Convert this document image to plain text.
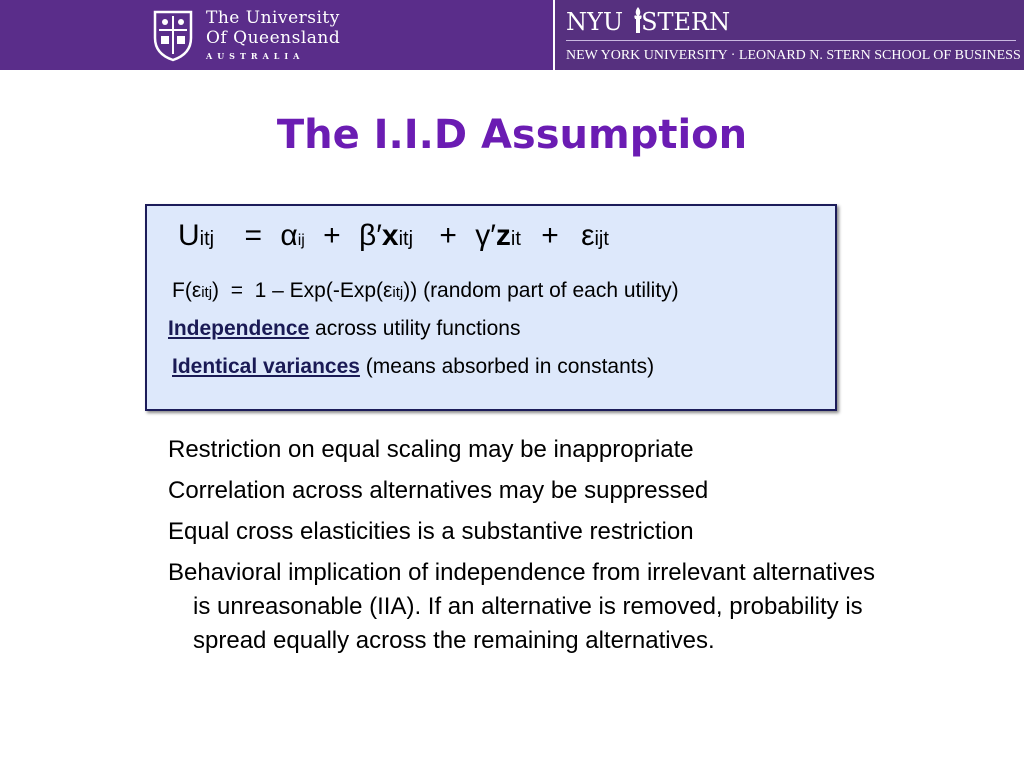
The University
Of Queensland
AUSTRALIA
NYU STERN
NEW YORK UNIVERSITY · LEONARD N. STERN SCHOOL OF BUSINESS
The I.I.D Assumption
Uitj = αij + β′xitj + γ′zit + εijt
F(εitj)  =  1 – Exp(-Exp(εitj)) (random part of each utility)
Independence across utility functions
Identical variances (means absorbed in constants)
Restriction on equal scaling may be inappropriate
Correlation across alternatives may be suppressed
Equal cross elasticities is a substantive restriction
Behavioral implication of independence from irrelevant alternatives is unreasonable (IIA). If an alternative is removed, probability is spread equally across the remaining alternatives.
